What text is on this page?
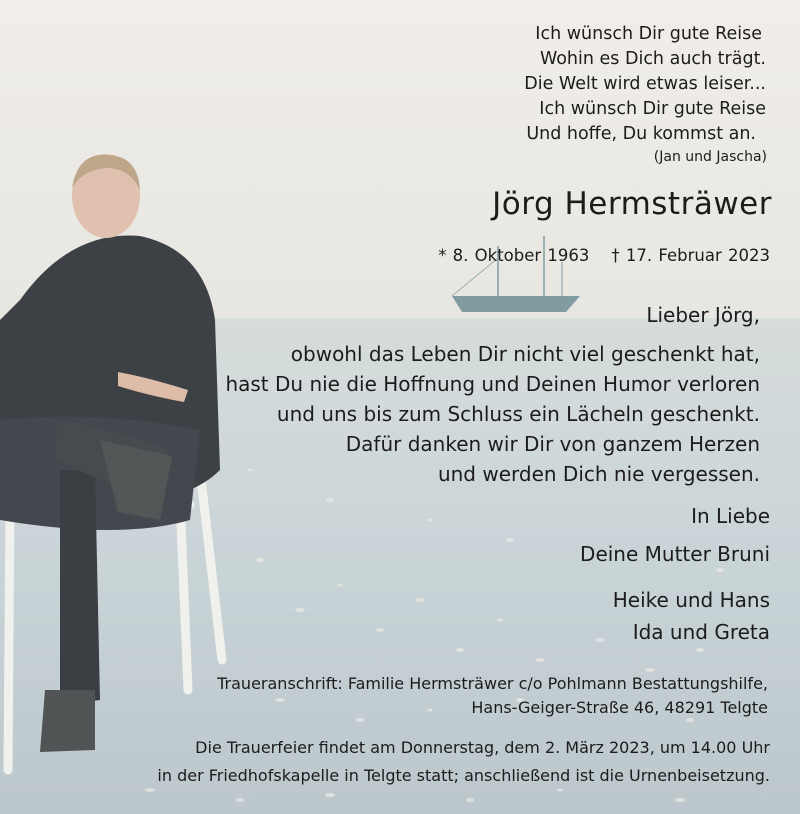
Ich wünsch Dir gute Reise
Wohin es Dich auch trägt.
Die Welt wird etwas leiser...
Ich wünsch Dir gute Reise
Und hoffe, Du kommst an.
(Jan und Jascha)
Jörg Hermsträwer
* 8. Oktober 1963 † 17. Februar 2023
Lieber Jörg,
obwohl das Leben Dir nicht viel geschenkt hat,
hast Du nie die Hoffnung und Deinen Humor verloren
und uns bis zum Schluss ein Lächeln geschenkt.
Dafür danken wir Dir von ganzem Herzen
und werden Dich nie vergessen.
In Liebe
Deine Mutter Bruni
Heike und Hans
Ida und Greta
Traueranschrift: Familie Hermsträwer c/o Pohlmann Bestattungshilfe,
Hans-Geiger-Straße 46, 48291 Telgte
Die Trauerfeier findet am Donnerstag, dem 2. März 2023, um 14.00 Uhr
in der Friedhofskapelle in Telgte statt; anschließend ist die Urnenbeisetzung.
